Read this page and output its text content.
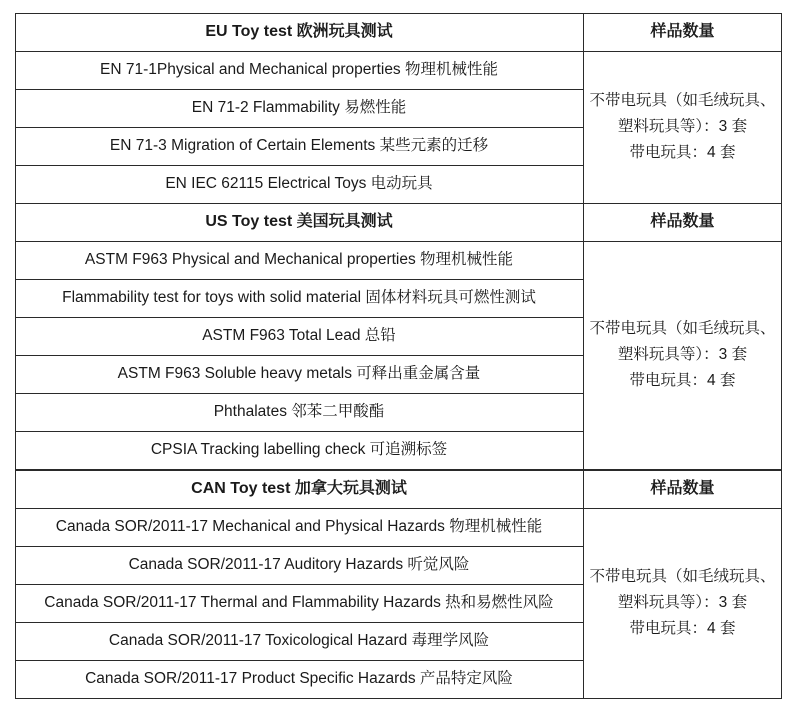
EU Toy test 欧洲玩具测试	样品数量
EN 71-1Physical and Mechanical properties 物理机械性能
EN 71-2 Flammability 易燃性能
EN 71-3 Migration of Certain Elements 某些元素的迁移
EN IEC 62115 Electrical Toys 电动玩具
不带电玩具（如毛绒玩具、
塑料玩具等）：3 套
带电玩具：4 套
US Toy test 美国玩具测试	样品数量
ASTM F963 Physical and Mechanical properties 物理机械性能
Flammability test for toys with solid material 固体材料玩具可燃性测试
ASTM F963 Total Lead 总铅
ASTM F963 Soluble heavy metals 可释出重金属含量
Phthalates 邻苯二甲酸酯
CPSIA Tracking labelling check 可追溯标签
不带电玩具（如毛绒玩具、
塑料玩具等）：3 套
带电玩具：4 套
CAN Toy test 加拿大玩具测试	样品数量
Canada SOR/2011-17 Mechanical and Physical Hazards 物理机械性能
Canada SOR/2011-17 Auditory Hazards 听觉风险
Canada SOR/2011-17 Thermal and Flammability Hazards 热和易燃性风险
Canada SOR/2011-17 Toxicological Hazard 毒理学风险
Canada SOR/2011-17 Product Specific Hazards 产品特定风险
不带电玩具（如毛绒玩具、
塑料玩具等）：3 套
带电玩具：4 套
